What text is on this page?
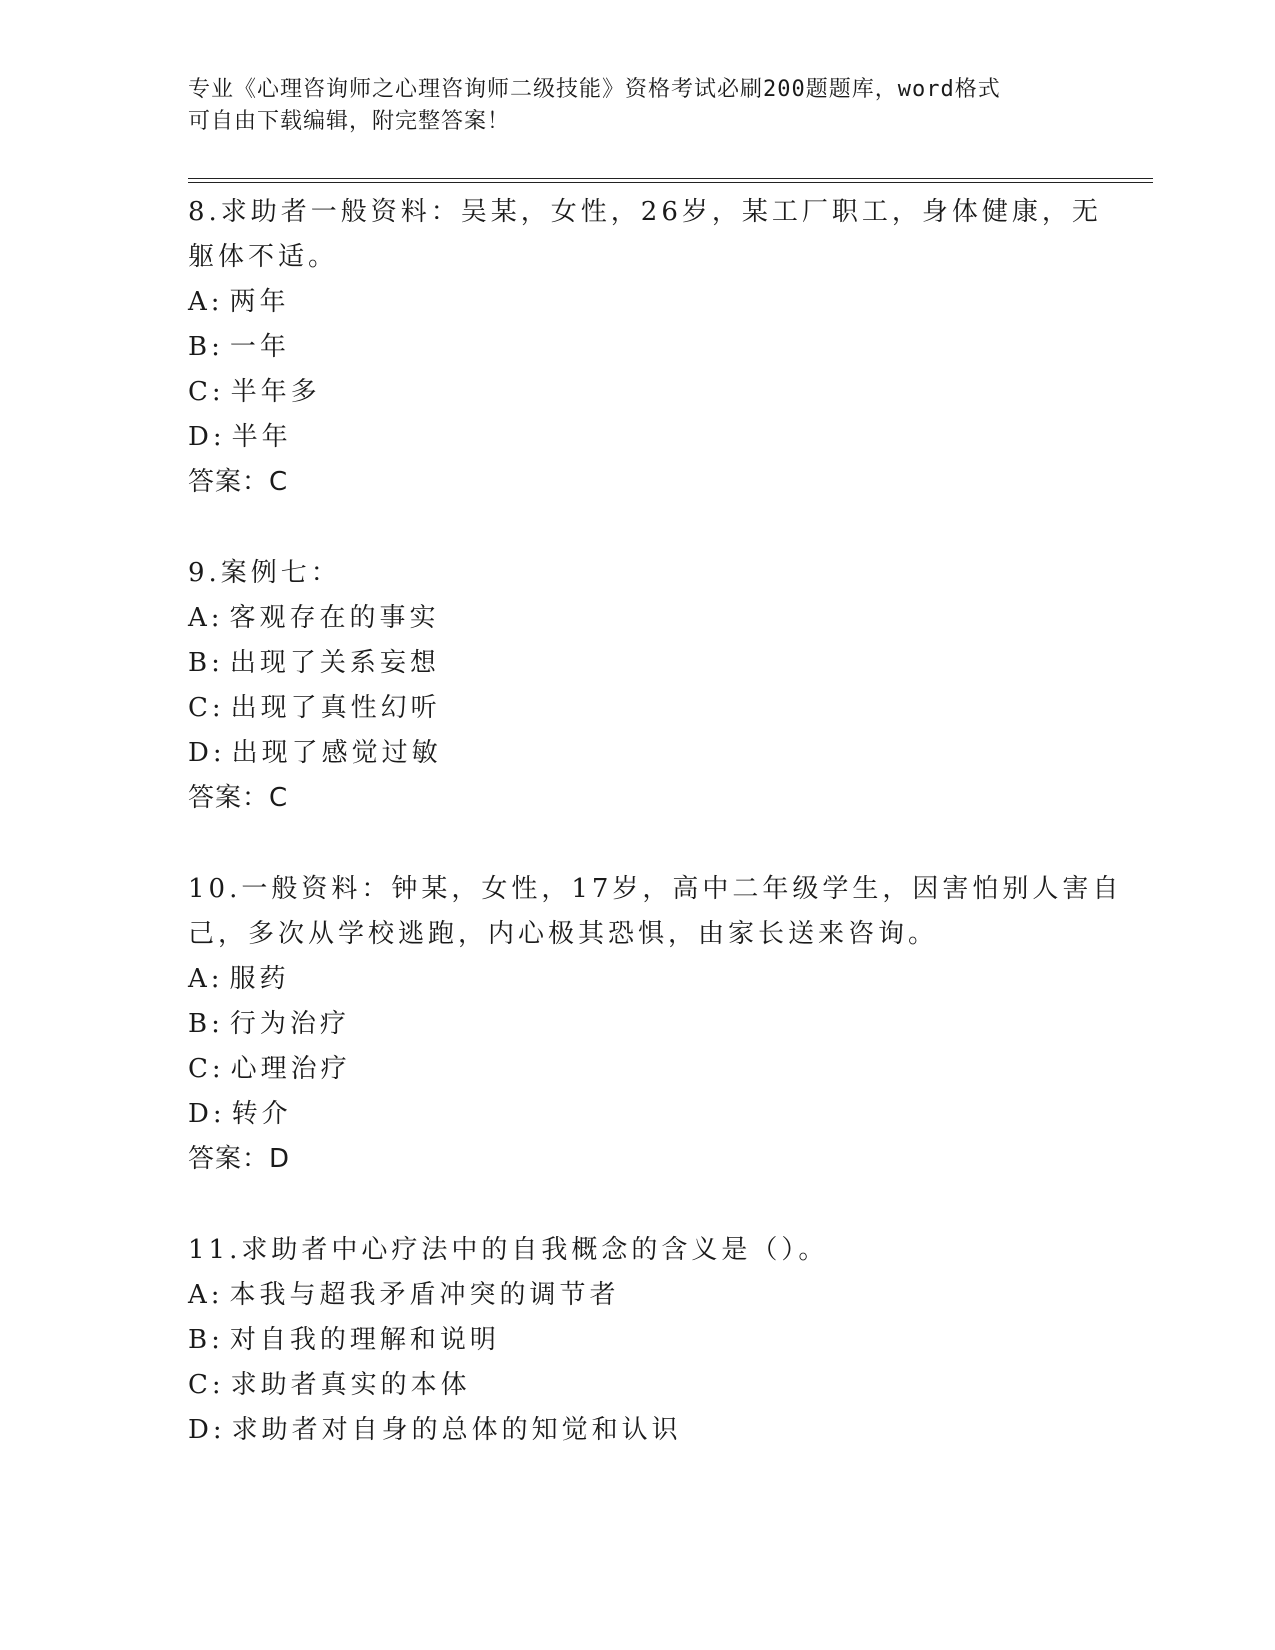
专业《心理咨询师之心理咨询师二级技能》资格考试必刷200题题库，word格式
可自由下载编辑，附完整答案！
8.求助者一般资料：吴某，女性，26岁，某工厂职工，身体健康，无
躯体不适。
A: 两年
B: 一年
C: 半年多
D: 半年
答案：C
9.案例七：
A: 客观存在的事实
B: 出现了关系妄想
C: 出现了真性幻听
D: 出现了感觉过敏
答案：C
10.一般资料：钟某，女性，17岁，高中二年级学生，因害怕别人害自
己，多次从学校逃跑，内心极其恐惧，由家长送来咨询。
A: 服药
B: 行为治疗
C: 心理治疗
D: 转介
答案：D
11.求助者中心疗法中的自我概念的含义是（）。
A: 本我与超我矛盾冲突的调节者
B: 对自我的理解和说明
C: 求助者真实的本体
D: 求助者对自身的总体的知觉和认识
